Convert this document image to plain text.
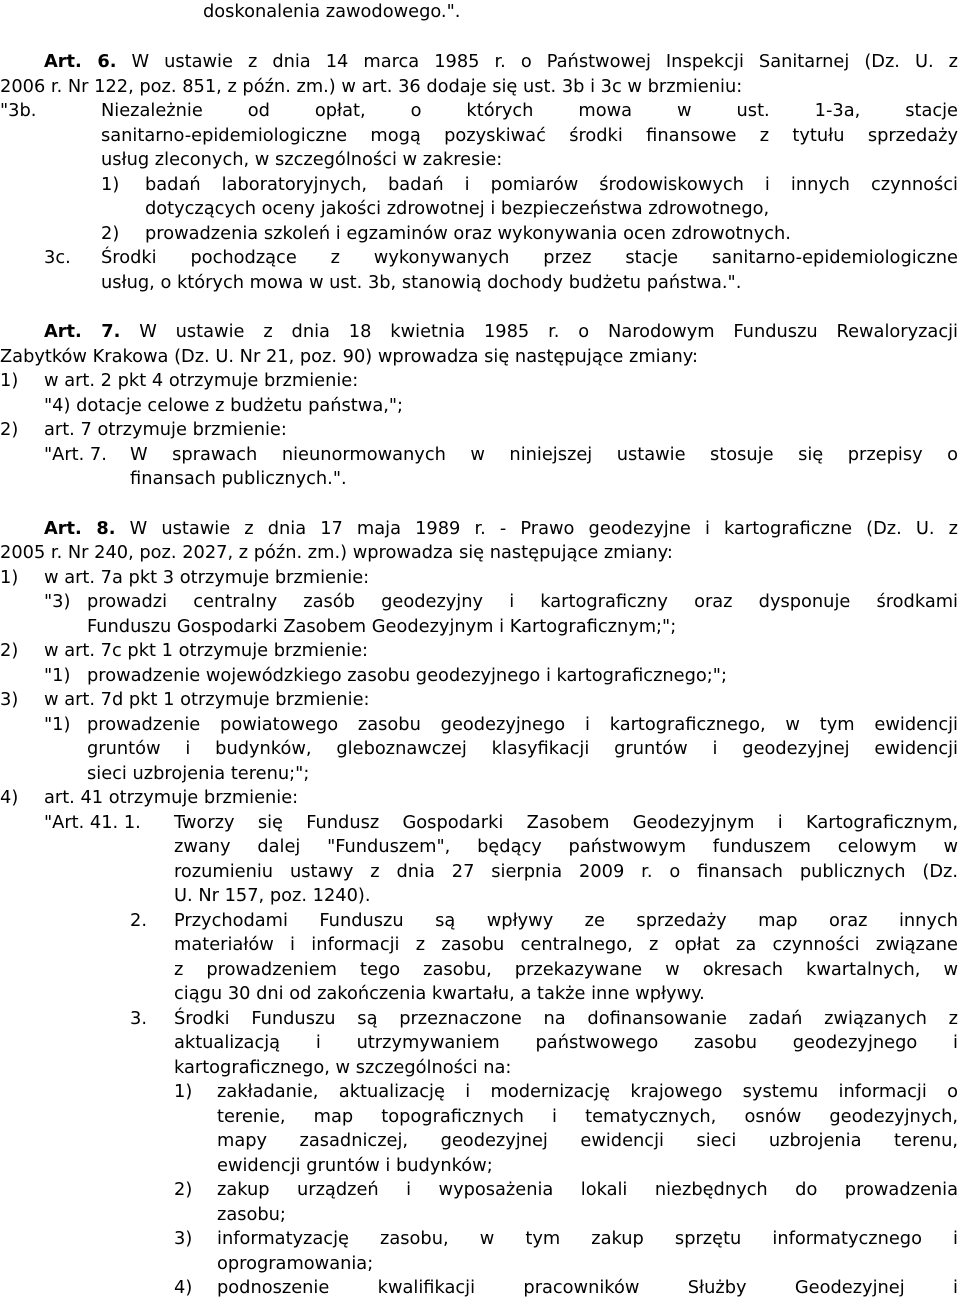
doskonalenia zawodowego.".
Art. 6. W ustawie z dnia 14 marca 1985 r. o Państwowej Inspekcji Sanitarnej (Dz. U. z
2006 r. Nr 122, poz. 851, z późn. zm.) w art. 36 dodaje się ust. 3b i 3c w brzmieniu:
"3b.	Niezależnie od opłat, o których mowa w ust. 1-3a, stacje
sanitarno-epidemiologiczne mogą pozyskiwać środki finansowe z tytułu sprzedaży
usług zleconych, w szczególności w zakresie:
1) badań laboratoryjnych, badań i pomiarów środowiskowych i innych czynności
dotyczących oceny jakości zdrowotnej i bezpieczeństwa zdrowotnego,
2) prowadzenia szkoleń i egzaminów oraz wykonywania ocen zdrowotnych.
3c. Środki pochodzące z wykonywanych przez stacje sanitarno-epidemiologiczne
usług, o których mowa w ust. 3b, stanowią dochody budżetu państwa.".
Art. 7. W ustawie z dnia 18 kwietnia 1985 r. o Narodowym Funduszu Rewaloryzacji
Zabytków Krakowa (Dz. U. Nr 21, poz. 90) wprowadza się następujące zmiany:
1) w art. 2 pkt 4 otrzymuje brzmienie:
"4) dotacje celowe z budżetu państwa,";
2) art. 7 otrzymuje brzmienie:
"Art. 7. W sprawach nieunormowanych w niniejszej ustawie stosuje się przepisy o
finansach publicznych.".
Art. 8. W ustawie z dnia 17 maja 1989 r. - Prawo geodezyjne i kartograficzne (Dz. U. z
2005 r. Nr 240, poz. 2027, z późn. zm.) wprowadza się następujące zmiany:
1) w art. 7a pkt 3 otrzymuje brzmienie:
"3) prowadzi centralny zasób geodezyjny i kartograficzny oraz dysponuje środkami
Funduszu Gospodarki Zasobem Geodezyjnym i Kartograficznym;";
2) w art. 7c pkt 1 otrzymuje brzmienie:
"1) prowadzenie wojewódzkiego zasobu geodezyjnego i kartograficznego;";
3) w art. 7d pkt 1 otrzymuje brzmienie:
"1) prowadzenie powiatowego zasobu geodezyjnego i kartograficznego, w tym ewidencji
gruntów i budynków, gleboznawczej klasyfikacji gruntów i geodezyjnej ewidencji
sieci uzbrojenia terenu;";
4) art. 41 otrzymuje brzmienie:
"Art. 41. 1. Tworzy się Fundusz Gospodarki Zasobem Geodezyjnym i Kartograficznym,
zwany dalej "Funduszem", będący państwowym funduszem celowym w
rozumieniu ustawy z dnia 27 sierpnia 2009 r. o finansach publicznych (Dz.
U. Nr 157, poz. 1240).
2. Przychodami Funduszu są wpływy ze sprzedaży map oraz innych
materiałów i informacji z zasobu centralnego, z opłat za czynności związane
z prowadzeniem tego zasobu, przekazywane w okresach kwartalnych, w
ciągu 30 dni od zakończenia kwartału, a także inne wpływy.
3. Środki Funduszu są przeznaczone na dofinansowanie zadań związanych z
aktualizacją i utrzymywaniem państwowego zasobu geodezyjnego i
kartograficznego, w szczególności na:
1) zakładanie, aktualizację i modernizację krajowego systemu informacji o
terenie, map topograficznych i tematycznych, osnów geodezyjnych,
mapy zasadniczej, geodezyjnej ewidencji sieci uzbrojenia terenu,
ewidencji gruntów i budynków;
2) zakup urządzeń i wyposażenia lokali niezbędnych do prowadzenia
zasobu;
3) informatyzację zasobu, w tym zakup sprzętu informatycznego i
oprogramowania;
4) podnoszenie kwalifikacji pracowników Służby Geodezyjnej i
